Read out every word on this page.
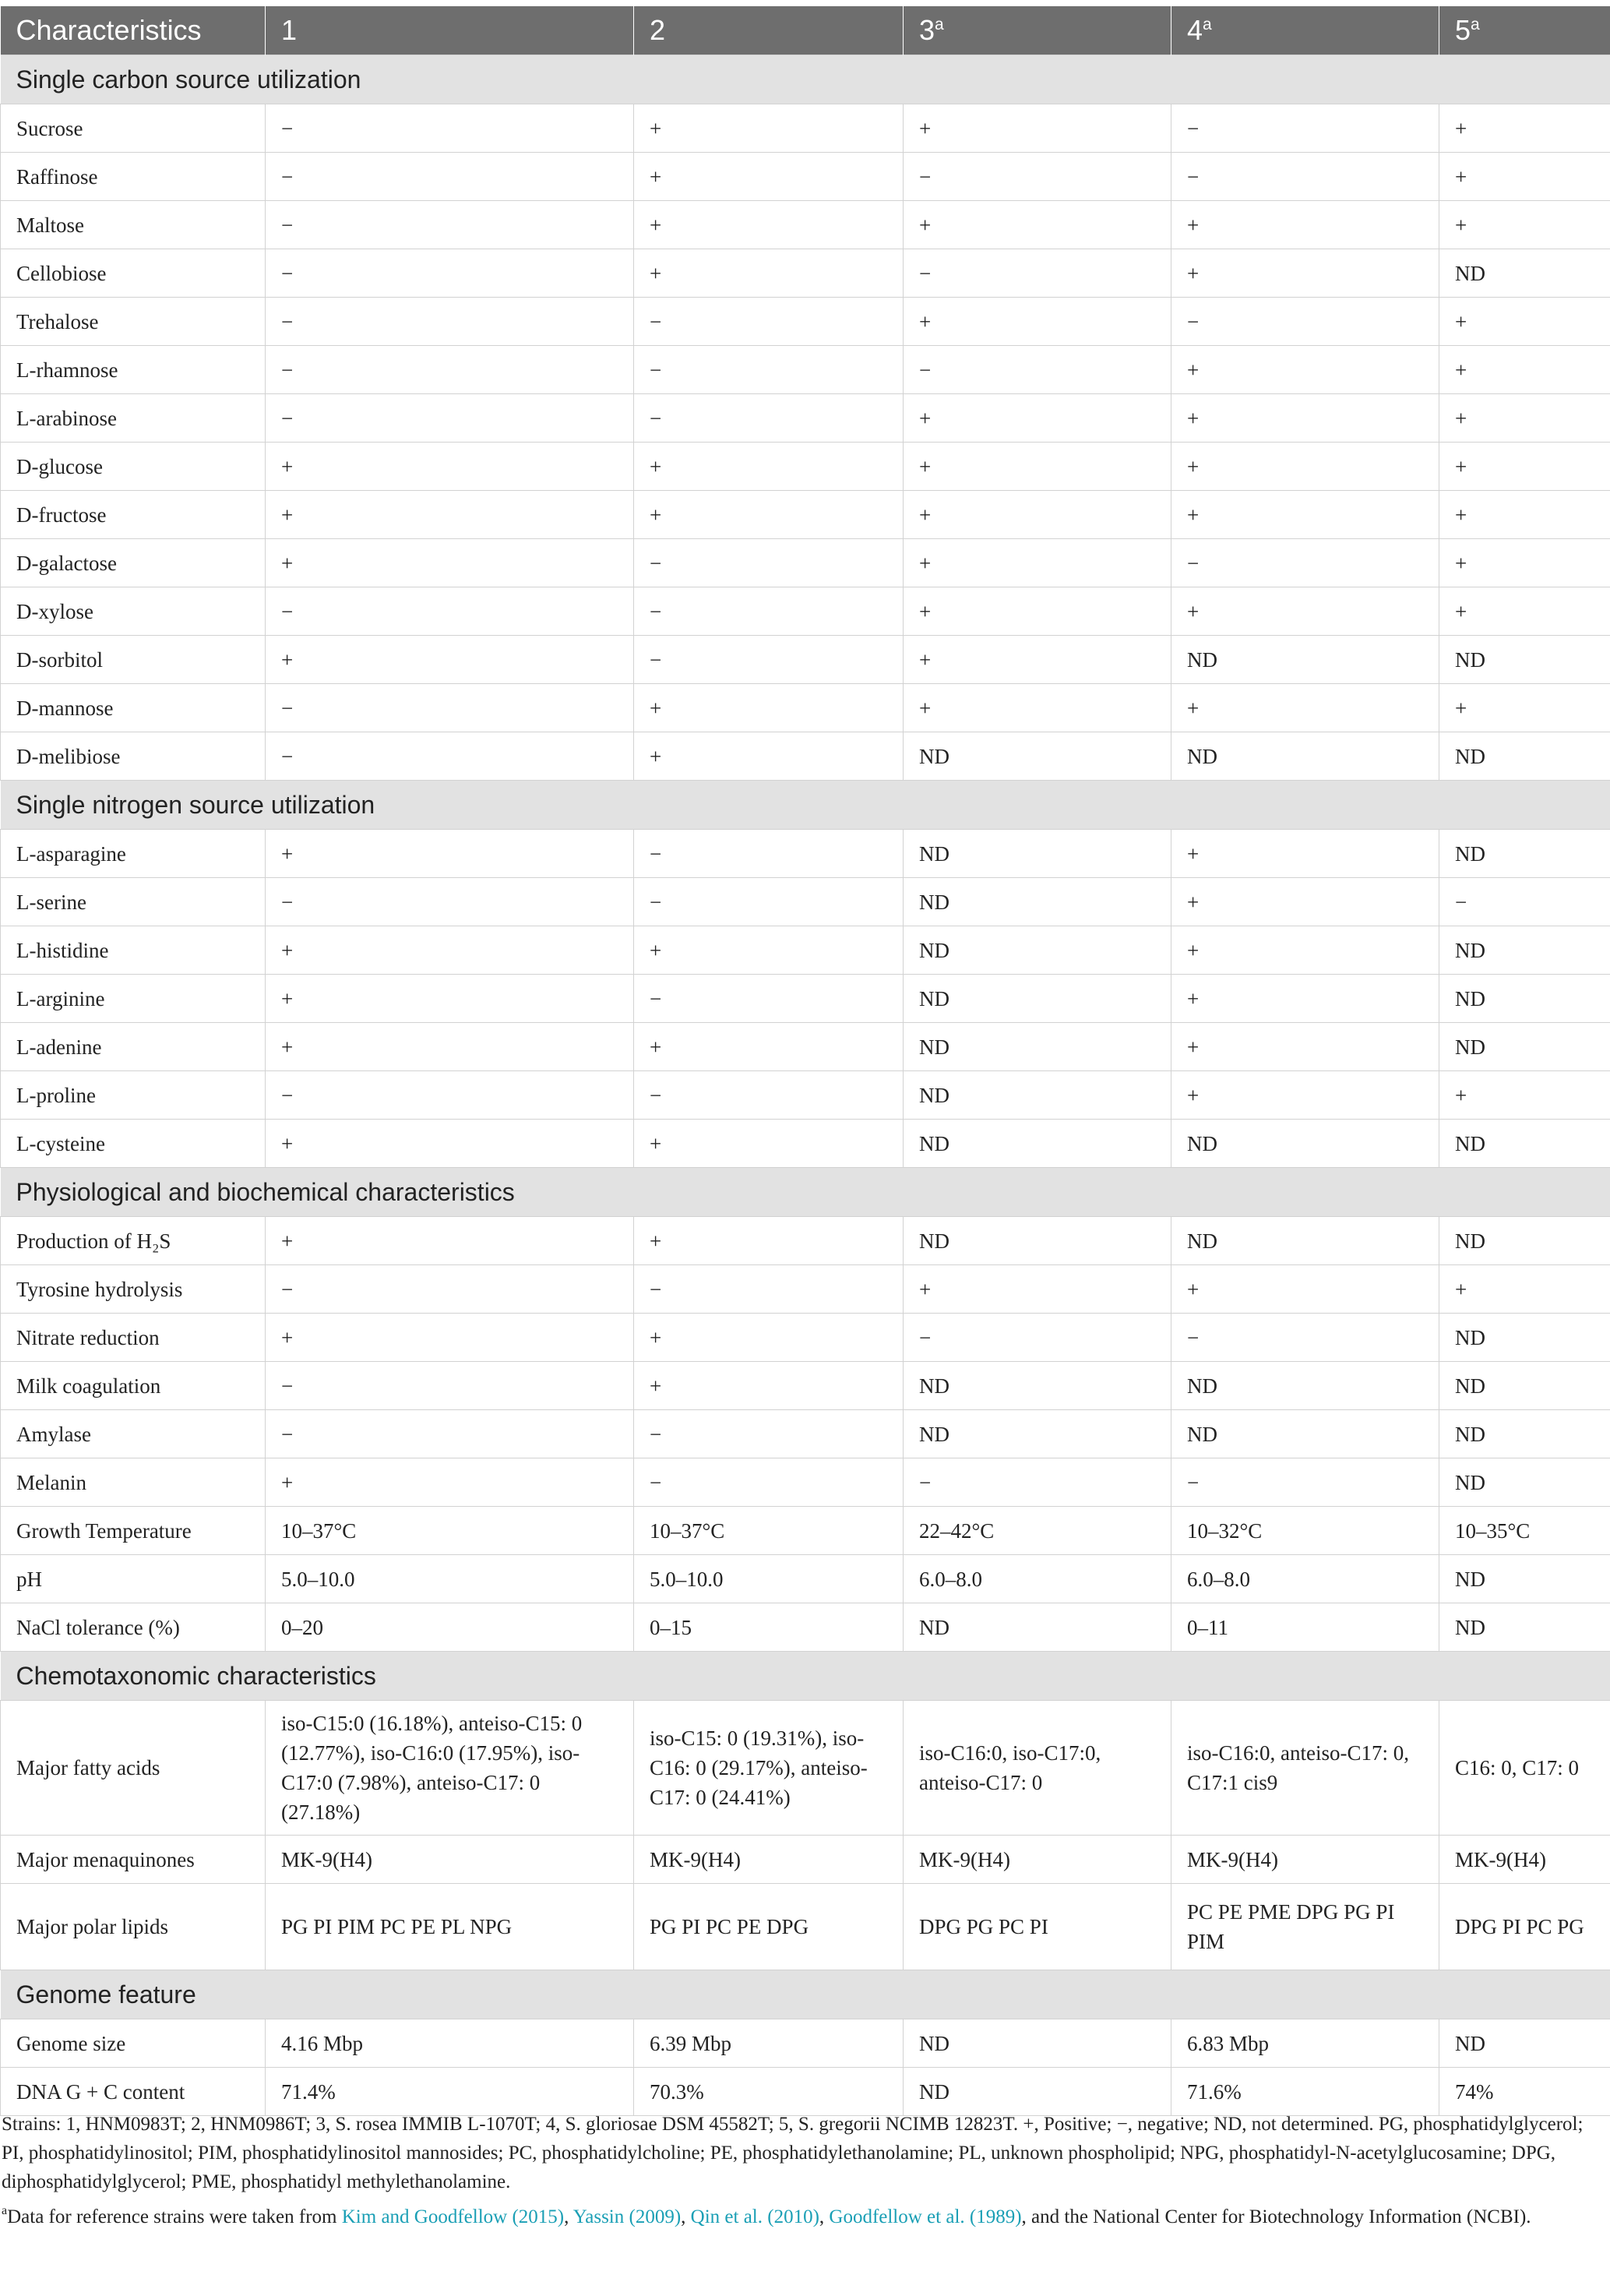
Characteristics	1	2	3$^a$	4$^a$	5$^a$
Single carbon source utilization					
Sucrose	−	+	+	−	+
Raffinose	−	+	−	−	+
Maltose	−	+	+	+	+
Cellobiose	−	+	−	+	ND
Trehalose	−	−	+	−	+
L-rhamnose	−	−	−	+	+
L-arabinose	−	−	+	+	+
D-glucose	+	+	+	+	+
D-fructose	+	+	+	+	+
D-galactose	+	−	+	−	+
D-xylose	−	−	+	+	+
D-sorbitol	+	−	+	ND	ND
D-mannose	−	+	+	+	+
D-melibiose	−	+	ND	ND	ND
Single nitrogen source utilization					
L-asparagine	+	−	ND	+	ND
L-serine	−	−	ND	+	−
L-histidine	+	+	ND	+	ND
L-arginine	+	−	ND	+	ND
L-adenine	+	+	ND	+	ND
L-proline	−	−	ND	+	+
L-cysteine	+	+	ND	ND	ND
Physiological and biochemical characteristics					
Production of H₂S	+	+	ND	ND	ND
Tyrosine hydrolysis	−	−	+	+	+
Nitrate reduction	+	+	−	−	ND
Milk coagulation	−	+	ND	ND	ND
Amylase	−	−	ND	ND	ND
Melanin	+	−	−	−	ND
Growth Temperature	10–37°C	10–37°C	22–42°C	10–32°C	10–35°C
pH	5.0–10.0	5.0–10.0	6.0–8.0	6.0–8.0	ND
NaCl tolerance (%)	0–20	0–15	ND	0–11	ND
Chemotaxonomic characteristics					
Major fatty acids	iso-C15:0 (16.18%), anteiso-C15: 0 (12.77%), iso-C16:0 (17.95%), iso-C17:0 (7.98%), anteiso-C17: 0 (27.18%)	iso-C15: 0 (19.31%), iso-C16: 0 (29.17%), anteiso-C17: 0 (24.41%)	iso-C16:0, iso-C17:0, anteiso-C17: 0	iso-C16:0, anteiso-C17: 0, C17:1 cis9	C16: 0, C17: 0
Major menaquinones	MK-9(H4)	MK-9(H4)	MK-9(H4)	MK-9(H4)	MK-9(H4)
Major polar lipids	PG PI PIM PC PE PL NPG	PG PI PC PE DPG	DPG PG PC PI	PC PE PME DPG PG PI PIM	DPG PI PC PG
Genome feature					
Genome size	4.16 Mbp	6.39 Mbp	ND	6.83 Mbp	ND
DNA G + C content	71.4%	70.3%	ND	71.6%	74%

Strains: 1, HNM0983T; 2, HNM0986T; 3, S. rosea IMMIB L-1070T; 4, S. gloriosae DSM 45582T; 5, S. gregorii NCIMB 12823T. +, Positive; −, negative; ND, not determined. PG, phosphatidylglycerol; PI, phosphatidylinositol; PIM, phosphatidylinositol mannosides; PC, phosphatidylcholine; PE, phosphatidylethanolamine; PL, unknown phospholipid; NPG, phosphatidyl-N-acetylglucosamine; DPG, diphosphatidylglycerol; PME, phosphatidyl methylethanolamine.

$^a$Data for reference strains were taken from Kim and Goodfellow (2015), Yassin (2009), Qin et al. (2010), Goodfellow et al. (1989), and the National Center for Biotechnology Information (NCBI).
